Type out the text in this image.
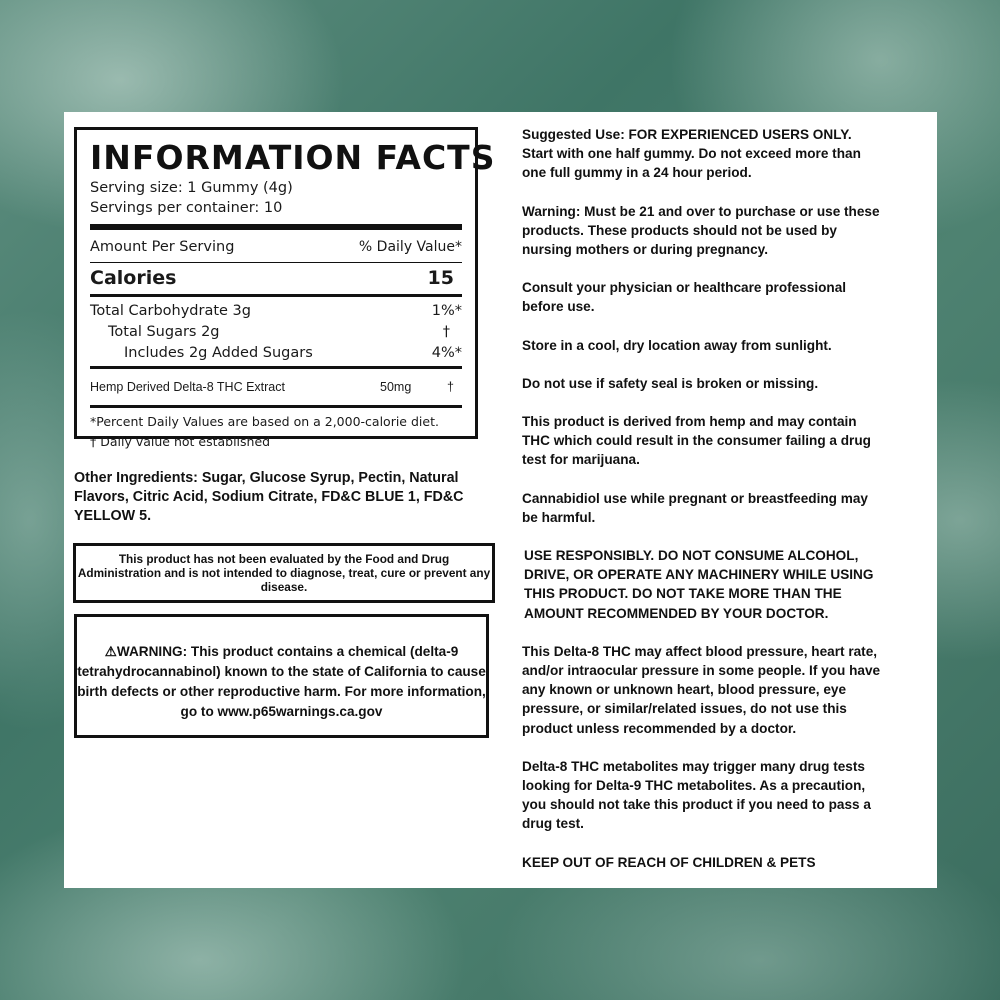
INFORMATION FACTS
Serving size: 1 Gummy (4g)
Servings per container: 10
Amount Per Serving	% Daily Value*
Calories	15
Total Carbohydrate 3g	1%*
Total Sugars 2g	†
Includes 2g Added Sugars	4%*
Hemp Derived Delta-8 THC Extract	50mg	†
*Percent Daily Values are based on a 2,000-calorie diet.
† Daily value not established
Other Ingredients: Sugar, Glucose Syrup, Pectin, Natural Flavors, Citric Acid, Sodium Citrate, FD&C BLUE 1, FD&C YELLOW 5.
This product has not been evaluated by the Food and Drug Administration and is not intended to diagnose, treat, cure or prevent any disease.
⚠WARNING: This product contains a chemical (delta-9 tetrahydrocannabinol) known to the state of California to cause birth defects or other reproductive harm. For more information, go to www.p65warnings.ca.gov

Suggested Use: FOR EXPERIENCED USERS ONLY.
Start with one half gummy. Do not exceed more than
one full gummy in a 24 hour period.

Warning: Must be 21 and over to purchase or use these
products. These products should not be used by
nursing mothers or during pregnancy.

Consult your physician or healthcare professional
before use.

Store in a cool, dry location away from sunlight.

Do not use if safety seal is broken or missing.

This product is derived from hemp and may contain
THC which could result in the consumer failing a drug
test for marijuana.

Cannabidiol use while pregnant or breastfeeding may
be harmful.

USE RESPONSIBLY. DO NOT CONSUME ALCOHOL,
DRIVE, OR OPERATE ANY MACHINERY WHILE USING
THIS PRODUCT. DO NOT TAKE MORE THAN THE
AMOUNT RECOMMENDED BY YOUR DOCTOR.

This Delta-8 THC may affect blood pressure, heart rate,
and/or intraocular pressure in some people. If you have
any known or unknown heart, blood pressure, eye
pressure, or similar/related issues, do not use this
product unless recommended by a doctor.

Delta-8 THC metabolites may trigger many drug tests
looking for Delta-9 THC metabolites. As a precaution,
you should not take this product if you need to pass a
drug test.

KEEP OUT OF REACH OF CHILDREN & PETS
